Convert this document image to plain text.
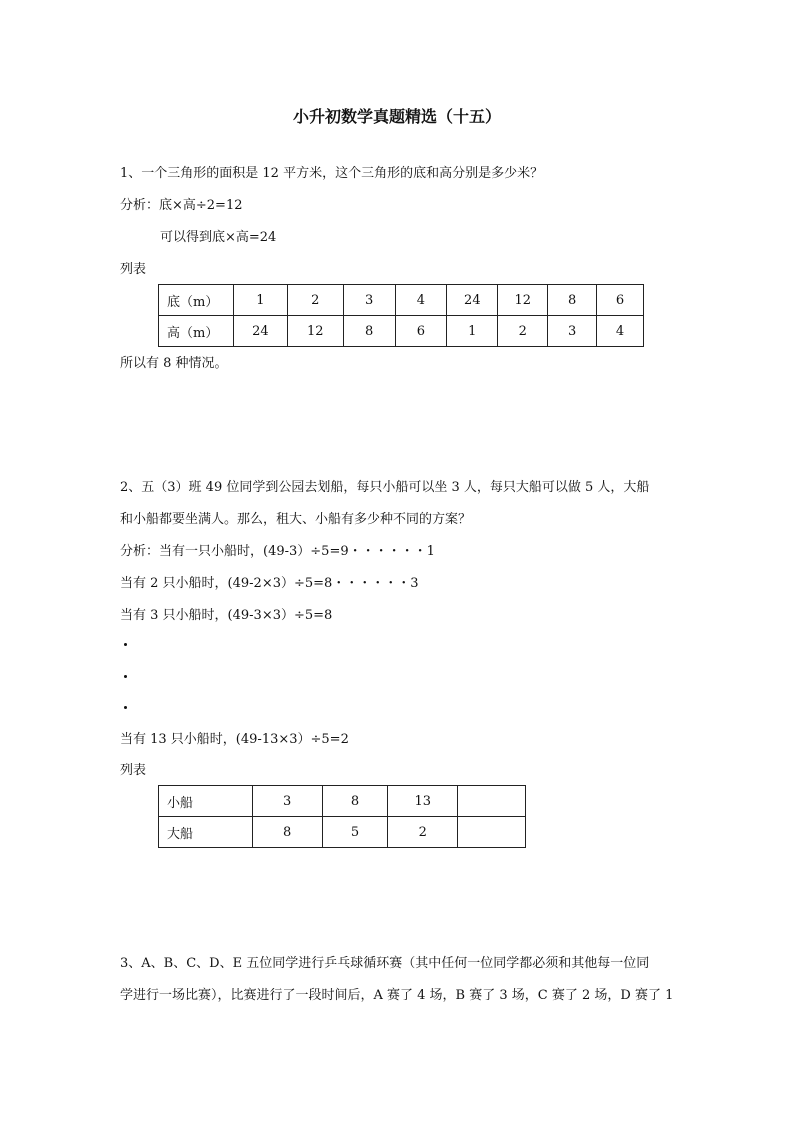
小升初数学真题精选（十五）
1、一个三角形的面积是 12 平方米，这个三角形的底和高分别是多少米？
分析：底×高÷2=12
可以得到底×高=24
列表
底（m）	1	2	3	4	24	12	8	6
高（m）	24	12	8	6	1	2	3	4
所以有 8 种情况。
2、五（3）班 49 位同学到公园去划船，每只小船可以坐 3 人，每只大船可以做 5 人，大船
和小船都要坐满人。那么，租大、小船有多少种不同的方案？
分析：当有一只小船时，(49-3）÷5=9・・・・・・1
当有 2 只小船时，(49-2×3）÷5=8・・・・・・3
当有 3 只小船时，(49-3×3）÷5=8
当有 13 只小船时，(49-13×3）÷5=2
列表
小船	3	8	13	
大船	8	5	2	
3、A、B、C、D、E 五位同学进行乒乓球循环赛（其中任何一位同学都必须和其他每一位同
学进行一场比赛），比赛进行了一段时间后，A 赛了 4 场，B 赛了 3 场，C 赛了 2 场，D 赛了 1
